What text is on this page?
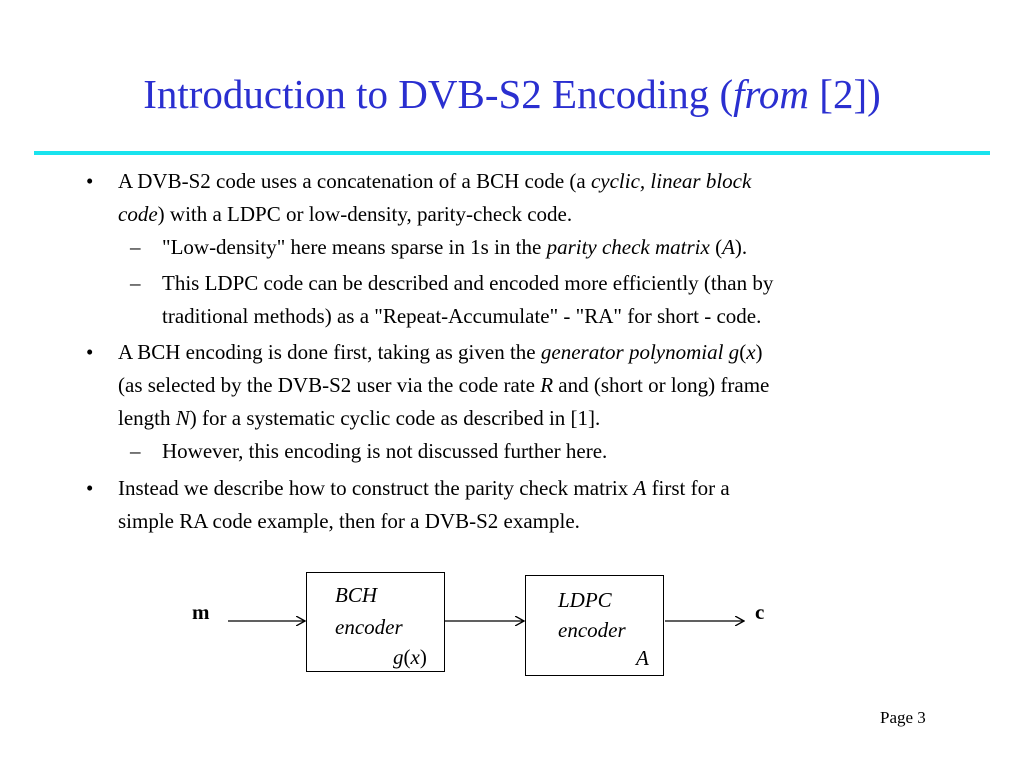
Introduction to DVB-S2 Encoding (from [2])
• A DVB-S2 code uses a concatenation of a BCH code (a cyclic, linear block
code) with a LDPC or low-density, parity-check code.
– "Low-density" here means sparse in 1s in the parity check matrix (A).
– This LDPC code can be described and encoded more efficiently (than by
traditional methods) as a "Repeat-Accumulate" - "RA" for short - code.
• A BCH encoding is done first, taking as given the generator polynomial g(x)
(as selected by the DVB-S2 user via the code rate R and (short or long) frame
length N) for a systematic cyclic code as described in [1].
– However, this encoding is not discussed further here.
• Instead we describe how to construct the parity check matrix A first for a
simple RA code example, then for a DVB-S2 example.
m	c
BCH
encoder
g(x)
LDPC
encoder
A
Page 3
